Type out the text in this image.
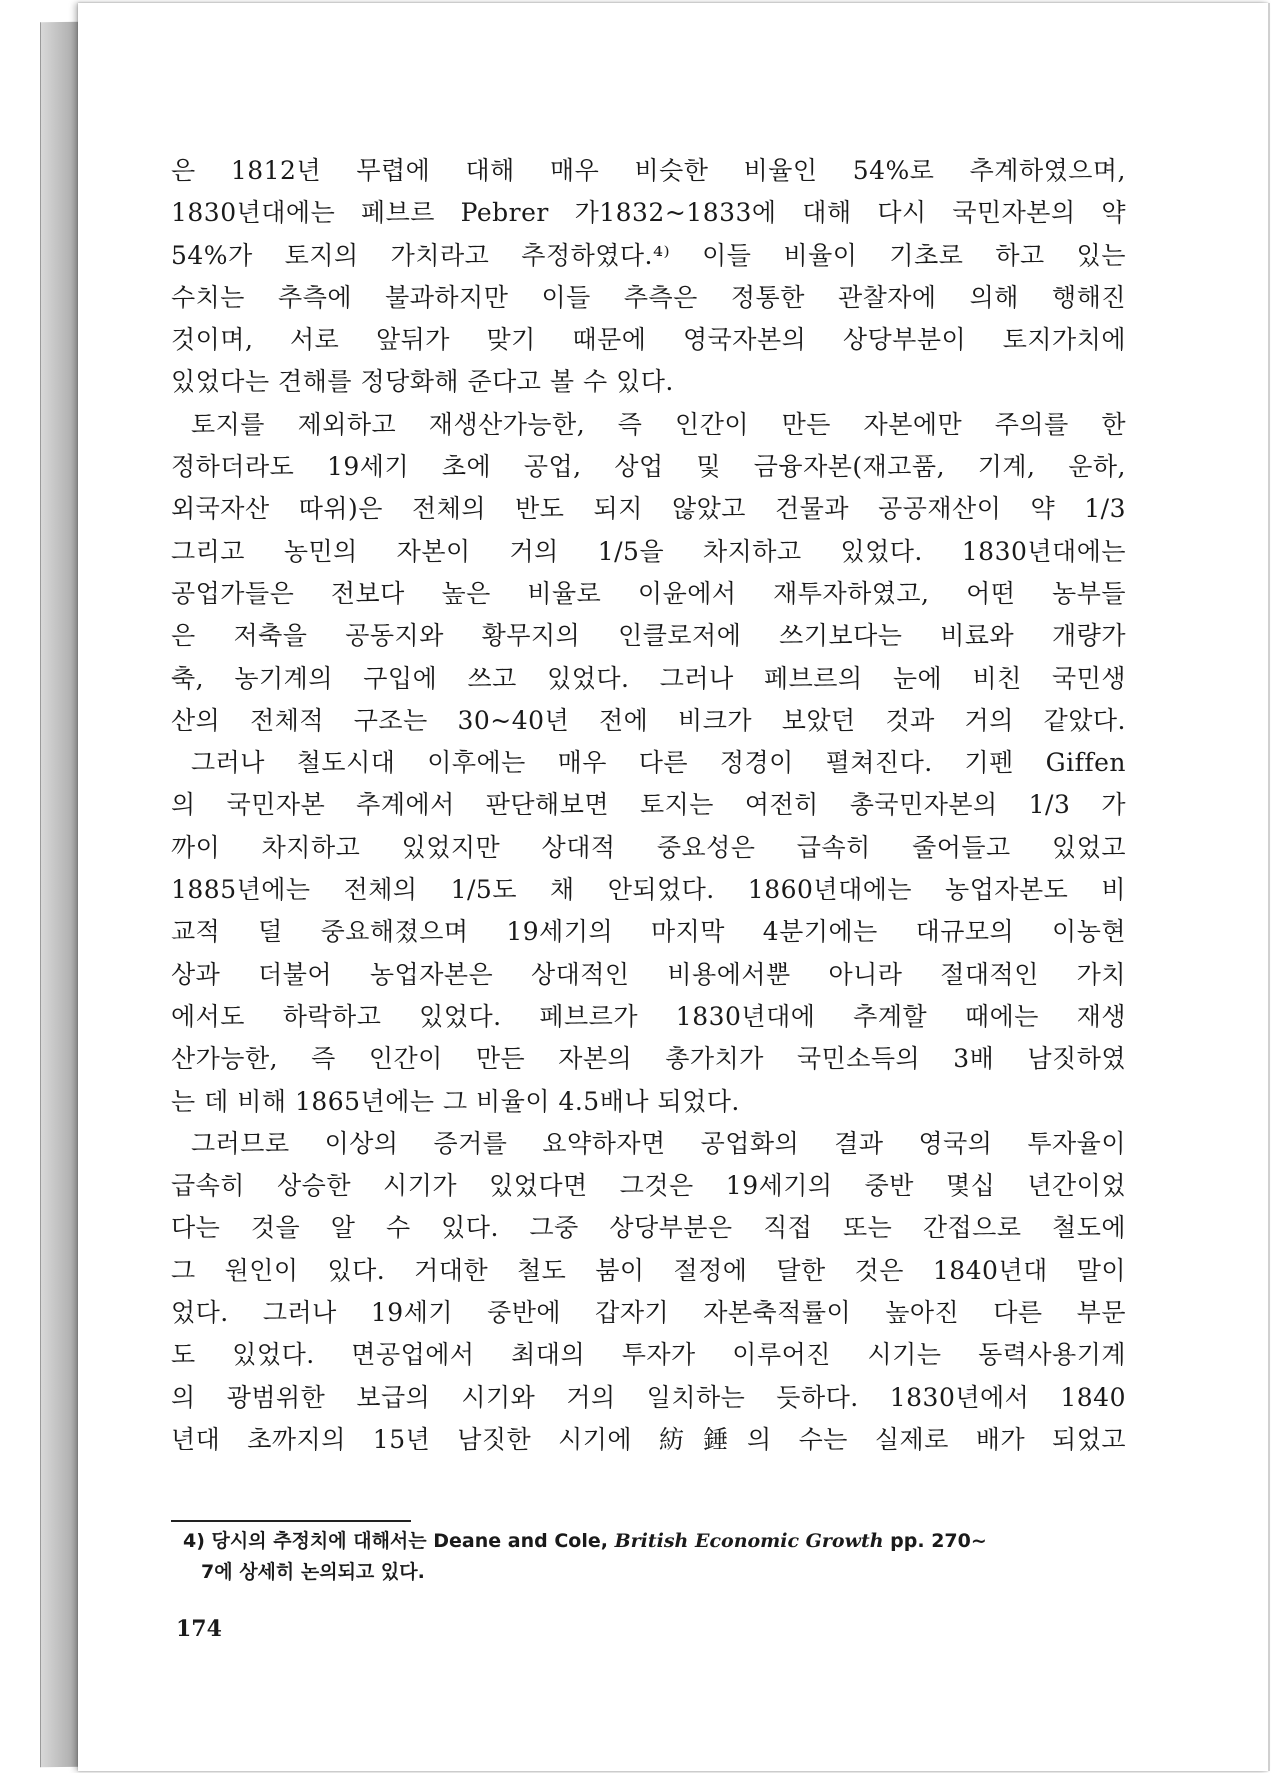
은 1812년 무렵에 대해 매우 비슷한 비율인 54%로 추계하였으며,
1830년대에는 페브르 Pebrer 가1832~1833에 대해 다시 국민자본의 약
54%가 토지의 가치라고 추정하였다.⁴⁾ 이들 비율이 기초로 하고 있는
수치는 추측에 불과하지만 이들 추측은 정통한 관찰자에 의해 행해진
것이며, 서로 앞뒤가 맞기 때문에 영국자본의 상당부분이 토지가치에
있었다는 견해를 정당화해 준다고 볼 수 있다.
토지를 제외하고 재생산가능한, 즉 인간이 만든 자본에만 주의를 한
정하더라도 19세기 초에 공업, 상업 및 금융자본(재고품, 기계, 운하,
외국자산 따위)은 전체의 반도 되지 않았고 건물과 공공재산이 약 1/3
그리고 농민의 자본이 거의 1/5을 차지하고 있었다. 1830년대에는
공업가들은 전보다 높은 비율로 이윤에서 재투자하였고, 어떤 농부들
은 저축을 공동지와 황무지의 인클로저에 쓰기보다는 비료와 개량가
축, 농기계의 구입에 쓰고 있었다. 그러나 페브르의 눈에 비친 국민생
산의 전체적 구조는 30~40년 전에 비크가 보았던 것과 거의 같았다.
그러나 철도시대 이후에는 매우 다른 정경이 펼쳐진다. 기펜 Giffen
의 국민자본 추계에서 판단해보면 토지는 여전히 총국민자본의 1/3 가
까이 차지하고 있었지만 상대적 중요성은 급속히 줄어들고 있었고
1885년에는 전체의 1/5도 채 안되었다. 1860년대에는 농업자본도 비
교적 덜 중요해졌으며 19세기의 마지막 4분기에는 대규모의 이농현
상과 더불어 농업자본은 상대적인 비용에서뿐 아니라 절대적인 가치
에서도 하락하고 있었다. 페브르가 1830년대에 추계할 때에는 재생
산가능한, 즉 인간이 만든 자본의 총가치가 국민소득의 3배 남짓하였
는 데 비해 1865년에는 그 비율이 4.5배나 되었다.
그러므로 이상의 증거를 요약하자면 공업화의 결과 영국의 투자율이
급속히 상승한 시기가 있었다면 그것은 19세기의 중반 몇십 년간이었
다는 것을 알 수 있다. 그중 상당부분은 직접 또는 간접으로 철도에
그 원인이 있다. 거대한 철도 붐이 절정에 달한 것은 1840년대 말이
었다. 그러나 19세기 중반에 갑자기 자본축적률이 높아진 다른 부문
도 있었다. 면공업에서 최대의 투자가 이루어진 시기는 동력사용기계
의 광범위한 보급의 시기와 거의 일치하는 듯하다. 1830년에서 1840
년대 초까지의 15년 남짓한 시기에 紡錘의 수는 실제로 배가 되었고
4) 당시의 추정치에 대해서는 Deane and Cole, British Economic Growth pp. 270~
7에 상세히 논의되고 있다.
174
